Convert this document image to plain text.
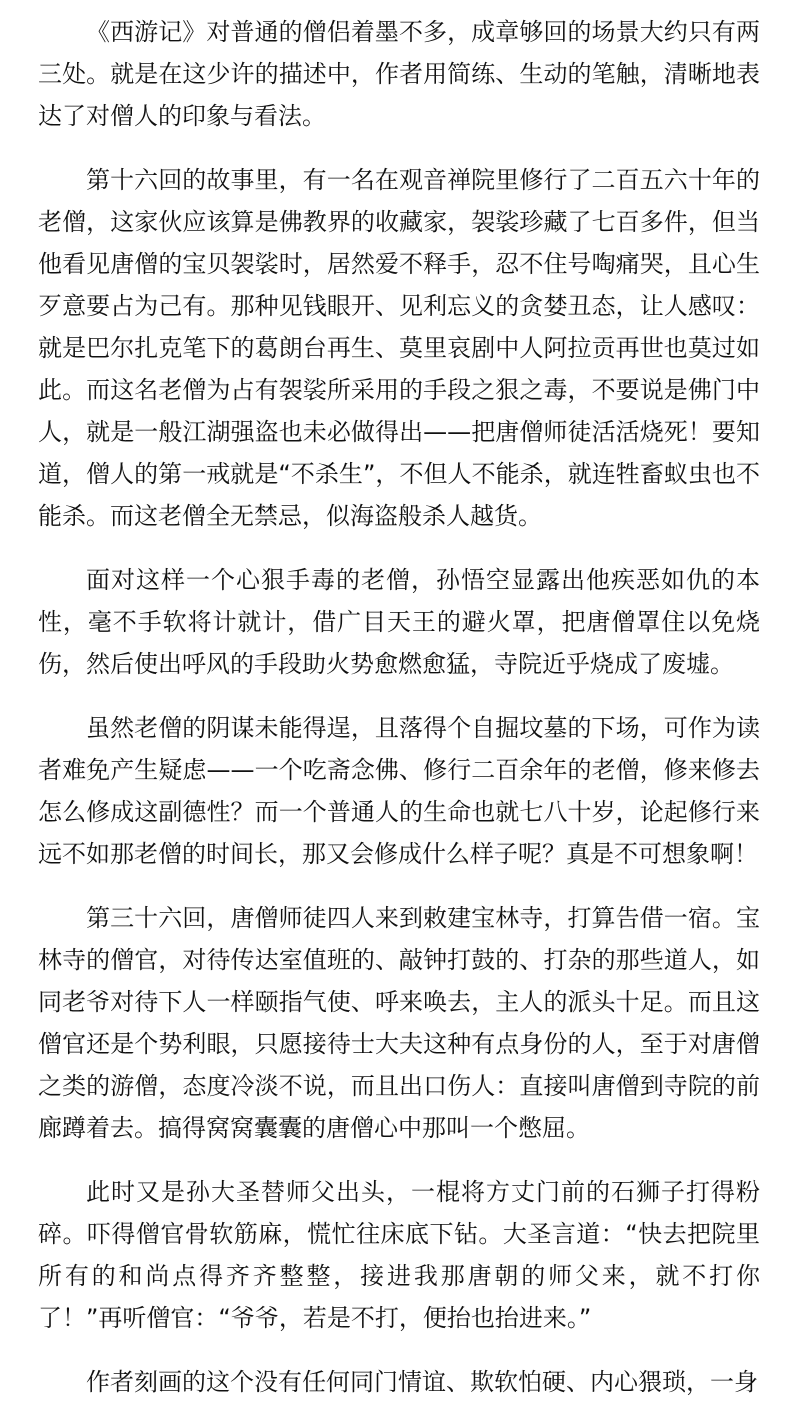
《西游记》对普通的僧侣着墨不多，成章够回的场景大约只有两三处。就是在这少许的描述中，作者用简练、生动的笔触，清晰地表达了对僧人的印象与看法。

第十六回的故事里，有一名在观音禅院里修行了二百五六十年的老僧，这家伙应该算是佛教界的收藏家，袈裟珍藏了七百多件，但当他看见唐僧的宝贝袈裟时，居然爱不释手，忍不住号啕痛哭，且心生歹意要占为己有。那种见钱眼开、见利忘义的贪婪丑态，让人感叹：就是巴尔扎克笔下的葛朗台再生、莫里哀剧中人阿拉贡再世也莫过如此。而这名老僧为占有袈裟所采用的手段之狠之毒，不要说是佛门中人，就是一般江湖强盗也未必做得出——把唐僧师徒活活烧死！要知道，僧人的第一戒就是“不杀生”，不但人不能杀，就连牲畜蚁虫也不能杀。而这老僧全无禁忌，似海盗般杀人越货。

面对这样一个心狠手毒的老僧，孙悟空显露出他疾恶如仇的本性，毫不手软将计就计，借广目天王的避火罩，把唐僧罩住以免烧伤，然后使出呼风的手段助火势愈燃愈猛，寺院近乎烧成了废墟。

虽然老僧的阴谋未能得逞，且落得个自掘坟墓的下场，可作为读者难免产生疑虑——一个吃斋念佛、修行二百余年的老僧，修来修去怎么修成这副德性？而一个普通人的生命也就七八十岁，论起修行来远不如那老僧的时间长，那又会修成什么样子呢？真是不可想象啊！

第三十六回，唐僧师徒四人来到敕建宝林寺，打算告借一宿。宝林寺的僧官，对待传达室值班的、敲钟打鼓的、打杂的那些道人，如同老爷对待下人一样颐指气使、呼来唤去，主人的派头十足。而且这僧官还是个势利眼，只愿接待士大夫这种有点身份的人，至于对唐僧之类的游僧，态度冷淡不说，而且出口伤人：直接叫唐僧到寺院的前廊蹲着去。搞得窝窝囊囊的唐僧心中那叫一个憋屈。

此时又是孙大圣替师父出头，一棍将方丈门前的石狮子打得粉碎。吓得僧官骨软筋麻，慌忙往床底下钻。大圣言道：“快去把院里所有的和尚点得齐齐整整，接进我那唐朝的师父来，就不打你了！”再听僧官：“爷爷，若是不打，便抬也抬进来。”

作者刻画的这个没有任何同门情谊、欺软怕硬、内心猥琐，一身
